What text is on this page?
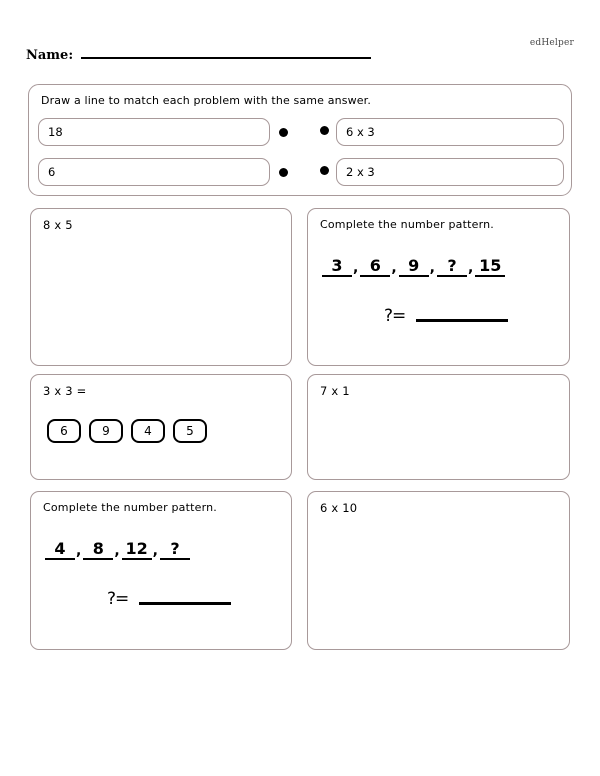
edHelper
Name:
Draw a line to match each problem with the same answer.
18
6
6 x 3
2 x 3
8 x 5	Complete the number pattern.
3 , 6 , 9 , ? , 15
?=
3 x 3 =
6	9	4	5
7 x 1
Complete the number pattern.
4 , 8 , 12 , ?
?=
6 x 10
